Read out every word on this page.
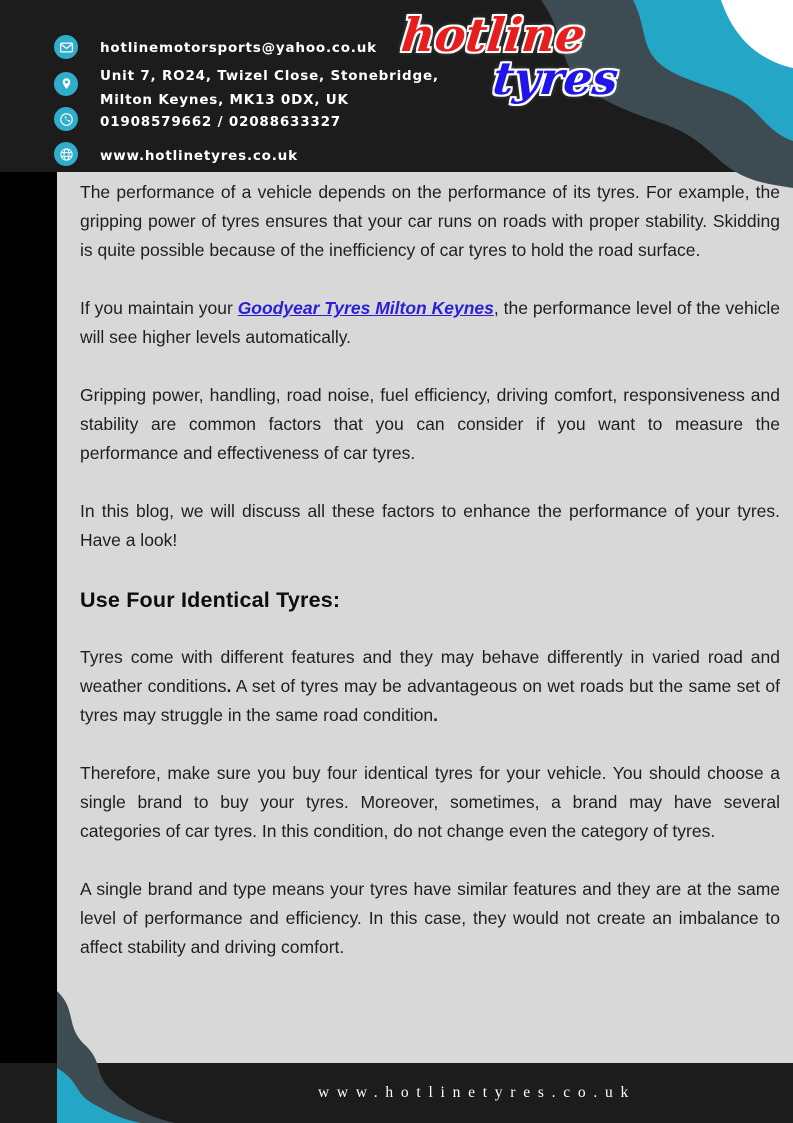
hotlinemotorsports@yahoo.co.uk
Unit 7, RO24, Twizel Close, Stonebridge,
Milton Keynes, MK13 0DX, UK
01908579662 / 02088633327
www.hotlinetyres.co.uk
hotline
tyres

The performance of a vehicle depends on the performance of its tyres. For example, the gripping power of tyres ensures that your car runs on roads with proper stability. Skidding is quite possible because of the inefficiency of car tyres to hold the road surface.

If you maintain your Goodyear Tyres Milton Keynes, the performance level of the vehicle will see higher levels automatically.

Gripping power, handling, road noise, fuel efficiency, driving comfort, responsiveness and stability are common factors that you can consider if you want to measure the performance and effectiveness of car tyres.

In this blog, we will discuss all these factors to enhance the performance of your tyres. Have a look!

Use Four Identical Tyres:

Tyres come with different features and they may behave differently in varied road and weather conditions. A set of tyres may be advantageous on wet roads but the same set of tyres may struggle in the same road condition.

Therefore, make sure you buy four identical tyres for your vehicle. You should choose a single brand to buy your tyres. Moreover, sometimes, a brand may have several categories of car tyres. In this condition, do not change even the category of tyres.

A single brand and type means your tyres have similar features and they are at the same level of performance and efficiency. In this case, they would not create an imbalance to affect stability and driving comfort.

www.hotlinetyres.co.uk
